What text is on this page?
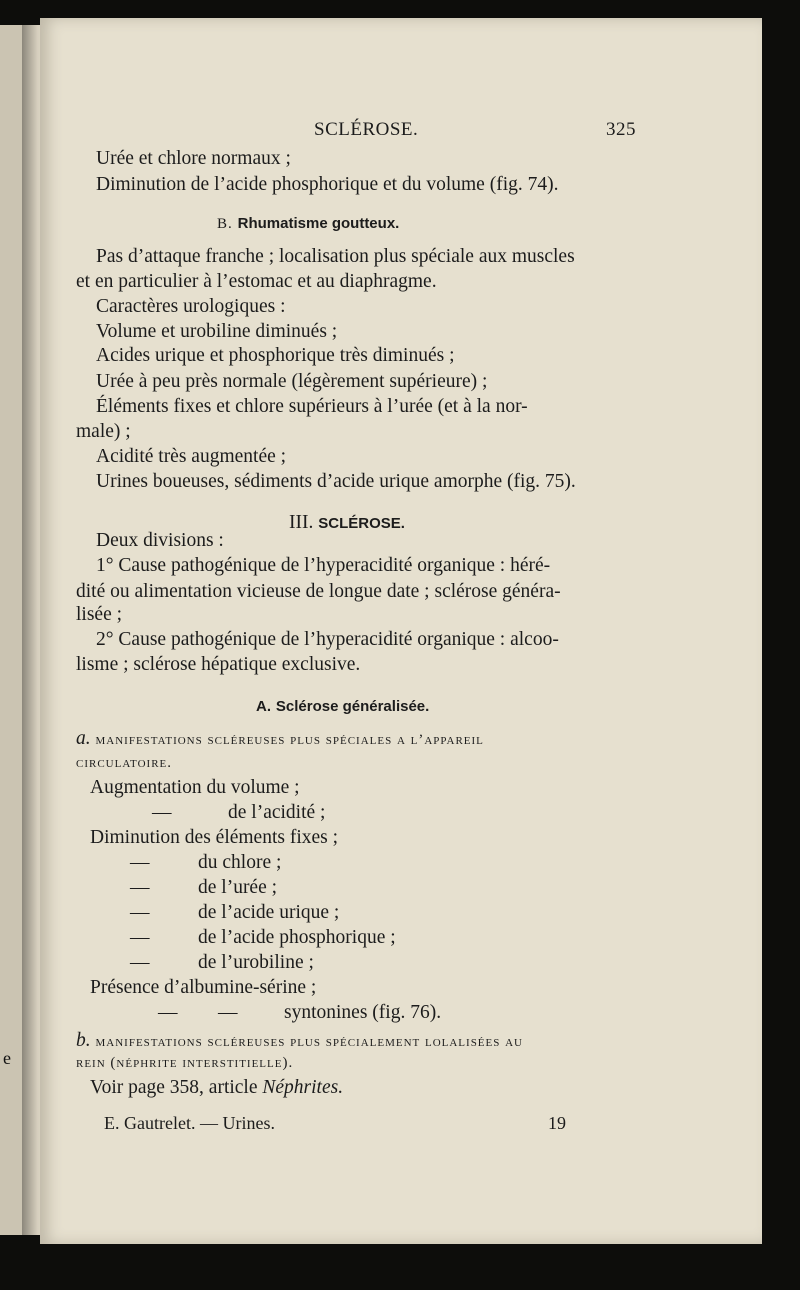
e
SCLÉROSE.	325
Urée et chlore normaux ;
Diminution de l’acide phosphorique et du volume (fig. 74).
B. Rhumatisme goutteux.
Pas d’attaque franche ; localisation plus spéciale aux muscles
et en particulier à l’estomac et au diaphragme.
Caractères urologiques :
Volume et urobiline diminués ;
Acides urique et phosphorique très diminués ;
Urée à peu près normale (légèrement supérieure) ;
Éléments fixes et chlore supérieurs à l’urée (et à la nor-
male) ;
Acidité très augmentée ;
Urines boueuses, sédiments d’acide urique amorphe (fig. 75).
III. SCLÉROSE.
Deux divisions :
1° Cause pathogénique de l’hyperacidité organique : héré-
dité ou alimentation vicieuse de longue date ; sclérose généra-
lisée ;
2° Cause pathogénique de l’hyperacidité organique : alcoo-
lisme ; sclérose hépatique exclusive.
A. Sclérose généralisée.
a. manifestations scléreuses plus spéciales a l’appareil
circulatoire.
Augmentation du volume ;
—	de l’acidité ;
Diminution des éléments fixes ;
— du chlore ;
— de l’urée ;
— de l’acide urique ;
— de l’acide phosphorique ;
— de l’urobiline ;
Présence d’albumine-sérine ;
— — syntonines (fig. 76).
b. manifestations scléreuses plus spécialement lolalisées au
rein (néphrite interstitielle).
Voir page 358, article Néphrites.
E. Gautrelet. — Urines.	19
